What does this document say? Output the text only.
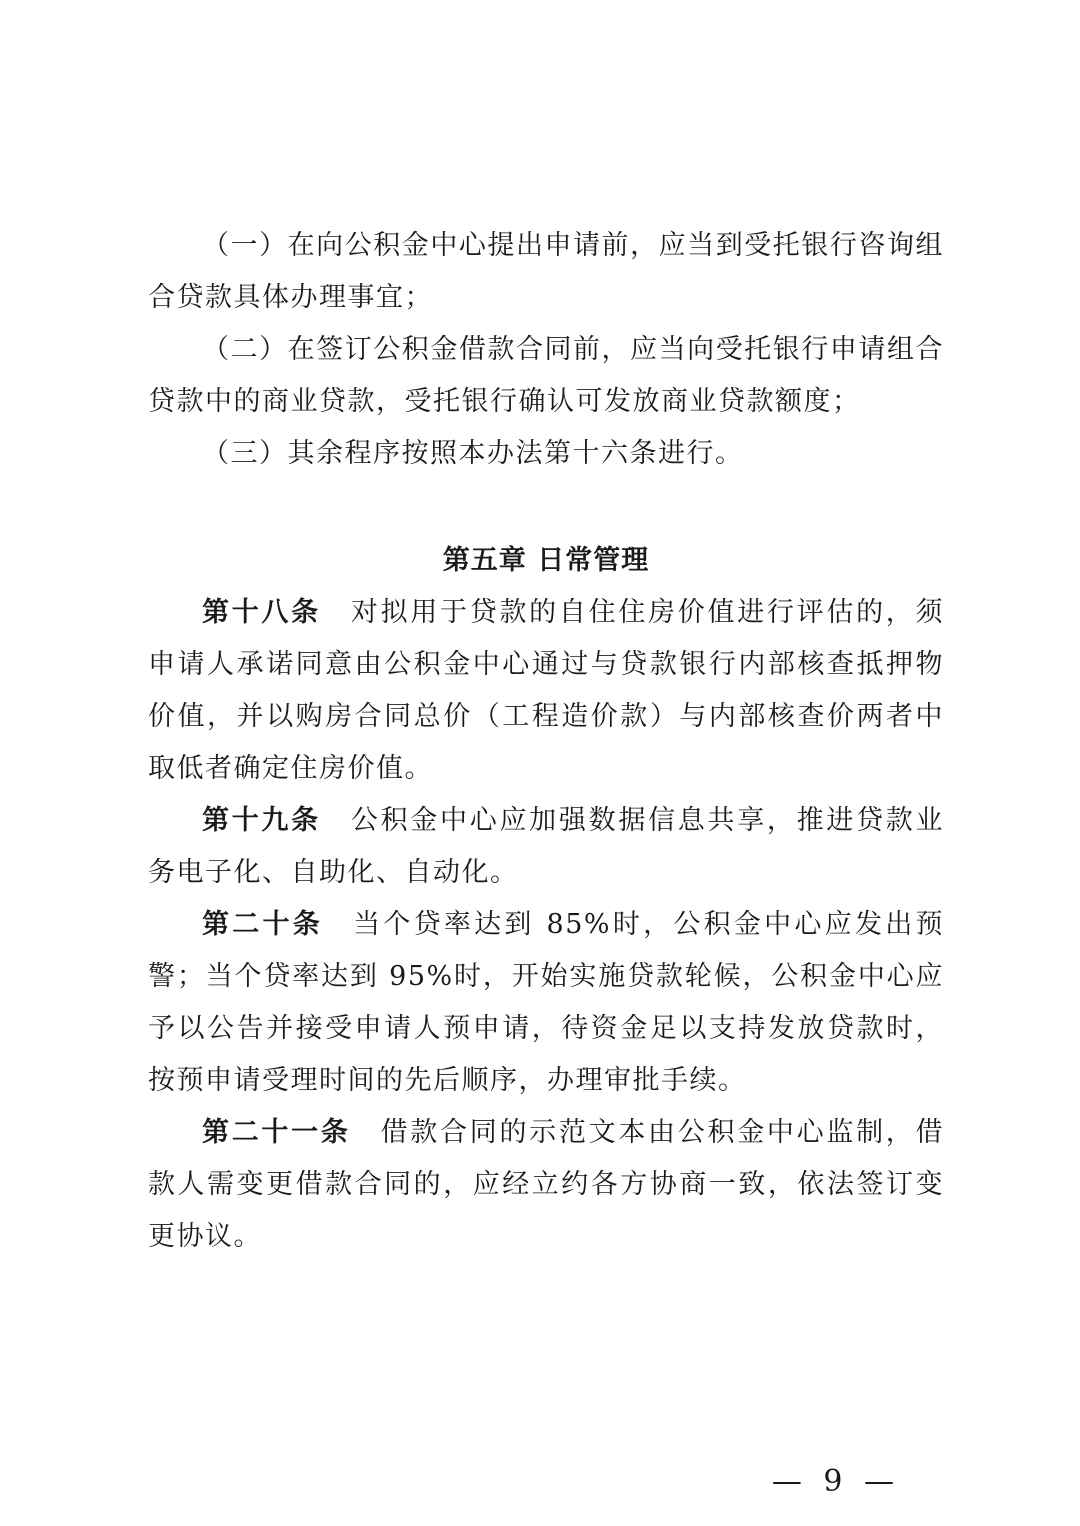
（一）在向公积金中心提出申请前，应当到受托银行咨询组合贷款具体办理事宜；

（二）在签订公积金借款合同前，应当向受托银行申请组合贷款中的商业贷款，受托银行确认可发放商业贷款额度；

（三）其余程序按照本办法第十六条进行。

第五章 日常管理

第十八条 对拟用于贷款的自住住房价值进行评估的，须申请人承诺同意由公积金中心通过与贷款银行内部核查抵押物价值，并以购房合同总价（工程造价款）与内部核查价两者中取低者确定住房价值。

第十九条 公积金中心应加强数据信息共享，推进贷款业务电子化、自助化、自动化。

第二十条 当个贷率达到 85%时，公积金中心应发出预警；当个贷率达到 95%时，开始实施贷款轮候，公积金中心应予以公告并接受申请人预申请，待资金足以支持发放贷款时，按预申请受理时间的先后顺序，办理审批手续。

第二十一条 借款合同的示范文本由公积金中心监制，借款人需变更借款合同的，应经立约各方协商一致，依法签订变更协议。

— 9 —
